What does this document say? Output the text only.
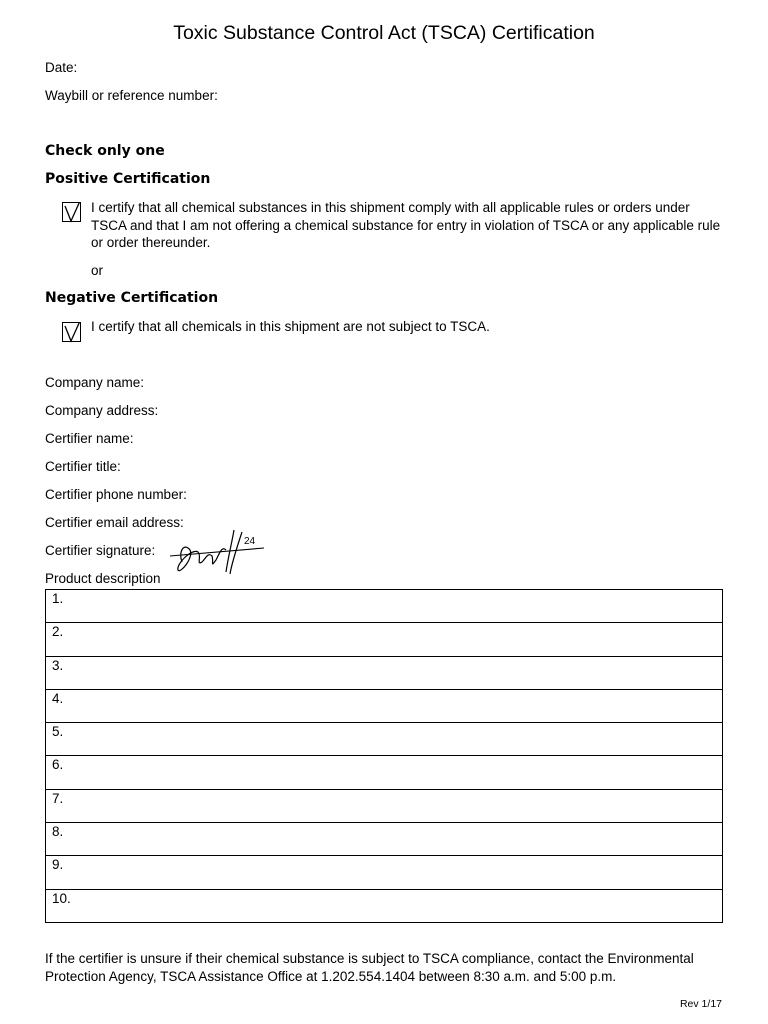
Toxic Substance Control Act (TSCA) Certification
Date:
Waybill or reference number:
Check only one
Positive Certification
I certify that all chemical substances in this shipment comply with all applicable rules or orders under TSCA and that I am not offering a chemical substance for entry in violation of TSCA or any applicable rule or order thereunder.
or
Negative Certification
I certify that all chemicals in this shipment are not subject to TSCA.
Company name:
Company address:
Certifier name:
Certifier title:
Certifier phone number:
Certifier email address:
Certifier signature:
24
Product description
1.
2.
3.
4.
5.
6.
7.
8.
9.
10.
If the certifier is unsure if their chemical substance is subject to TSCA compliance, contact the Environmental Protection Agency, TSCA Assistance Office at 1.202.554.1404 between 8:30 a.m. and 5:00 p.m.
Rev 1/17
